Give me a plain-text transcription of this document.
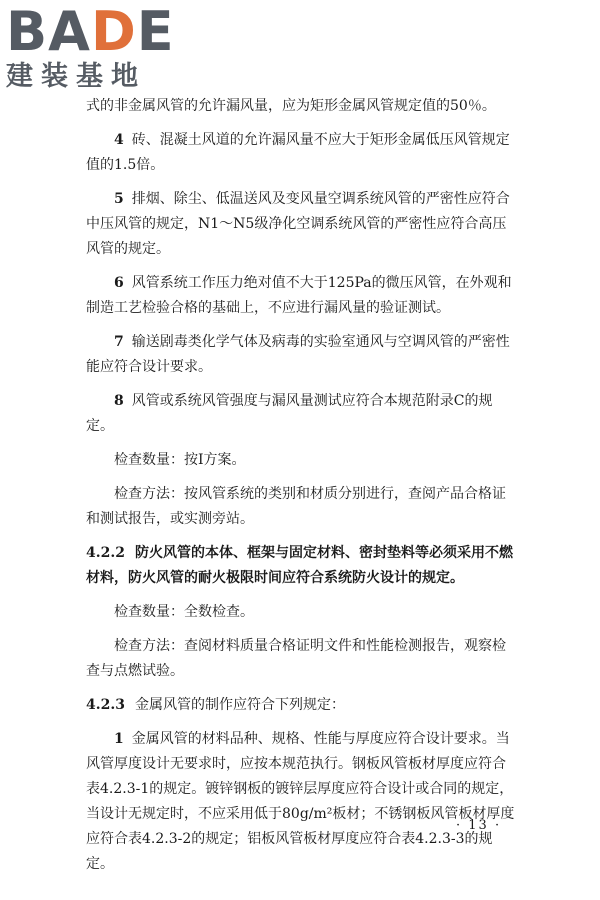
BADE
建装基地

式的非金属风管的允许漏风量，应为矩形金属风管规定值的50％。

4 砖、混凝土风道的允许漏风量不应大于矩形金属低压风管规定值的1.5倍。

5 排烟、除尘、低温送风及变风量空调系统风管的严密性应符合中压风管的规定，N1～N5级净化空调系统风管的严密性应符合高压风管的规定。

6 风管系统工作压力绝对值不大于125Pa的微压风管，在外观和制造工艺检验合格的基础上，不应进行漏风量的验证测试。

7 输送剧毒类化学气体及病毒的实验室通风与空调风管的严密性能应符合设计要求。

8 风管或系统风管强度与漏风量测试应符合本规范附录C的规定。

检查数量：按Ⅰ方案。

检查方法：按风管系统的类别和材质分别进行，查阅产品合格证和测试报告，或实测旁站。

4.2.2 防火风管的本体、框架与固定材料、密封垫料等必须采用不燃材料，防火风管的耐火极限时间应符合系统防火设计的规定。

检查数量：全数检查。

检查方法：查阅材料质量合格证明文件和性能检测报告，观察检查与点燃试验。

4.2.3 金属风管的制作应符合下列规定：

1 金属风管的材料品种、规格、性能与厚度应符合设计要求。当风管厚度设计无要求时，应按本规范执行。钢板风管板材厚度应符合表4.2.3-1的规定。镀锌钢板的镀锌层厚度应符合设计或合同的规定，当设计无规定时，不应采用低于80g/m²板材；不锈钢板风管板材厚度应符合表4.2.3-2的规定；铝板风管板材厚度应符合表4.2.3-3的规定。

· 13 ·
